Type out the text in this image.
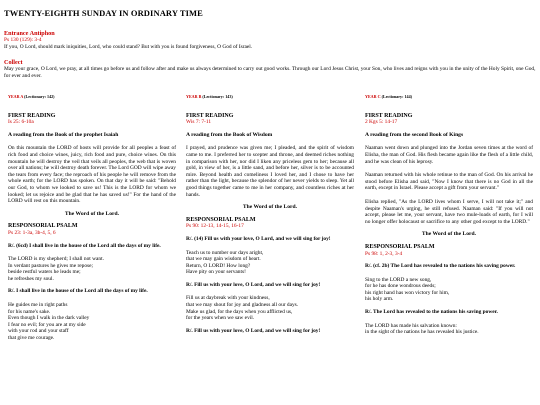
TWENTY-EIGHTH SUNDAY IN ORDINARY TIME
Entrance Antiphon
Ps 130 (129): 3-4
If you, O Lord, should mark iniquities, Lord, who could stand? But with you is found forgiveness, O God of Israel.
Collect
May your grace, O Lord, we pray, at all times go before us and follow after and make us always determined to carry out good works. Through our Lord Jesus Christ, your Son, who lives and reigns with you in the unity of the Holy Spirit, one God, for ever and ever.
YEAR A (Lectionary: 142)
FIRST READING
Is 25: 6-10a
A reading from the Book of the prophet Isaiah

On this mountain the LORD of hosts will provide for all peoples a feast of rich food and choice wines, juicy, rich food and pure, choice wines. On this mountain he will destroy the veil that veils all peoples, the web that is woven over all nations; he will destroy death forever. The Lord GOD will wipe away the tears from every face; the reproach of his people he will remove from the whole earth; for the LORD has spoken. On that day it will be said: "Behold our God, to whom we looked to save us! This is the LORD for whom we looked; let us rejoice and be glad that he has saved us!" For the hand of the LORD will rest on this mountain.

The Word of the Lord.
RESPONSORIAL PSALM
Ps 23: 1-3a, 3b-4, 5, 6
R/. (6cd) I shall live in the house of the Lord all the days of my life.
The LORD is my shepherd; I shall not want.
In verdant pastures he gives me repose;
beside restful waters he leads me;
he refreshes my soul.
R/. I shall live in the house of the Lord all the days of my life.
He guides me in right paths
for his name's sake.
Even though I walk in the dark valley
I fear no evil; for you are at my side
with your rod and your staff
that give me courage.
YEAR B (Lectionary: 143)
FIRST READING
Wis 7: 7-11
A reading from the Book of Wisdom

I prayed, and prudence was given me; I pleaded, and the spirit of wisdom came to me. I preferred her to scepter and throne, and deemed riches nothing in comparison with her, nor did I liken any priceless gem to her; because all gold, in view of her, is a little sand, and before her, silver is to be accounted mire. Beyond health and comeliness I loved her, and I chose to have her rather than the light, because the splendor of her never yields to sleep. Yet all good things together came to me in her company, and countless riches at her hands.

The Word of the Lord.
RESPONSORIAL PSALM
Ps 90: 12-13, 14-15, 16-17
R/. (14) Fill us with your love, O Lord, and we will sing for joy!
Teach us to number our days aright,
that we may gain wisdom of heart.
Return, O LORD! How long?
Have pity on your servants!
R/. Fill us with your love, O Lord, and we will sing for joy!
Fill us at daybreak with your kindness,
that we may shout for joy and gladness all our days.
Make us glad, for the days when you afflicted us,
for the years when we saw evil.
R/. Fill us with your love, O Lord, and we will sing for joy!
YEAR C (Lectionary: 144)
FIRST READING
2 Kgs 5: 14-17
A reading from the second Book of Kings

Naaman went down and plunged into the Jordan seven times at the word of Elisha, the man of God. His flesh became again like the flesh of a little child, and he was clean of his leprosy.

Naaman returned with his whole retinue to the man of God. On his arrival he stood before Elisha and said, "Now I know that there is no God in all the earth, except in Israel. Please accept a gift from your servant."

Elisha replied, "As the LORD lives whom I serve, I will not take it;" and despite Naaman's urging, he still refused. Naaman said: "If you will not accept, please let me, your servant, have two mule-loads of earth, for I will no longer offer holocaust or sacrifice to any other god except to the LORD."

The Word of the Lord.
RESPONSORIAL PSALM
Ps 98: 1, 2-3, 3-4
R/. (cf. 2b) The Lord has revealed to the nations his saving power.
Sing to the LORD a new song,
for he has done wondrous deeds;
his right hand has won victory for him,
his holy arm.
R/. The Lord has revealed to the nations his saving power.
The LORD has made his salvation known:
in the sight of the nations he has revealed his justice.
